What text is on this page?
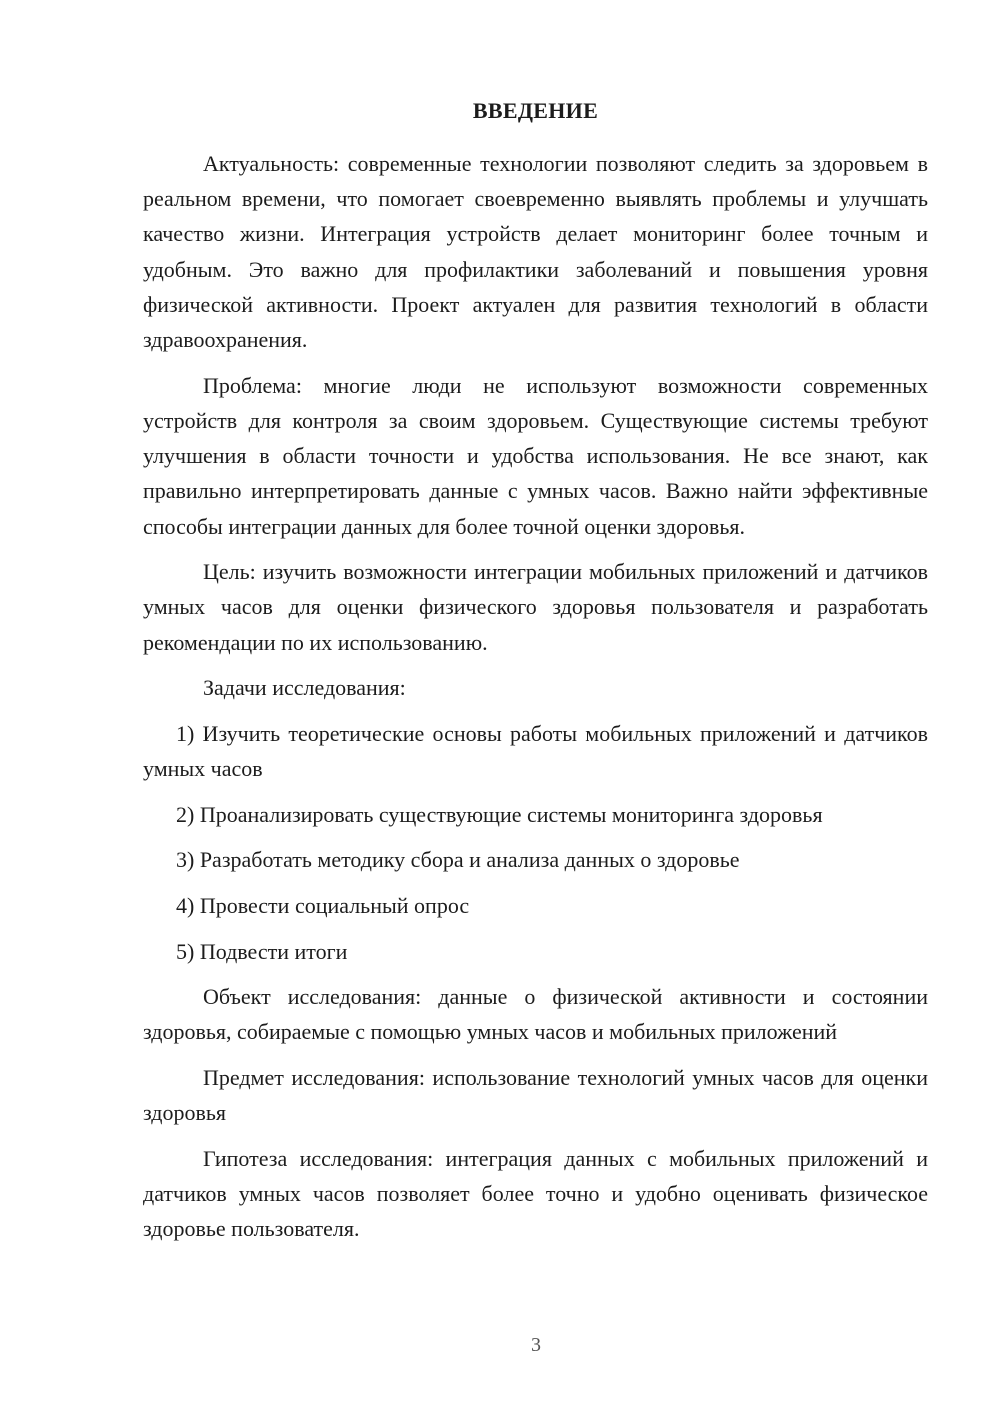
ВВЕДЕНИЕ

Актуальность: современные технологии позволяют следить за здоровьем в реальном времени, что помогает своевременно выявлять проблемы и улучшать качество жизни. Интеграция устройств делает мониторинг более точным и удобным. Это важно для профилактики заболеваний и повышения уровня физической активности. Проект актуален для развития технологий в области здравоохранения.

Проблема: многие люди не используют возможности современных устройств для контроля за своим здоровьем. Существующие системы требуют улучшения в области точности и удобства использования. Не все знают, как правильно интерпретировать данные с умных часов. Важно найти эффективные способы интеграции данных для более точной оценки здоровья.

Цель: изучить возможности интеграции мобильных приложений и датчиков умных часов для оценки физического здоровья пользователя и разработать рекомендации по их использованию.

Задачи исследования:

1) Изучить теоретические основы работы мобильных приложений и датчиков умных часов

2) Проанализировать существующие системы мониторинга здоровья

3) Разработать методику сбора и анализа данных о здоровье

4) Провести социальный опрос

5) Подвести итоги

Объект исследования: данные о физической активности и состоянии здоровья, собираемые с помощью умных часов и мобильных приложений

Предмет исследования: использование технологий умных часов для оценки здоровья

Гипотеза исследования: интеграция данных с мобильных приложений и датчиков умных часов позволяет более точно и удобно оценивать физическое здоровье пользователя.

3
